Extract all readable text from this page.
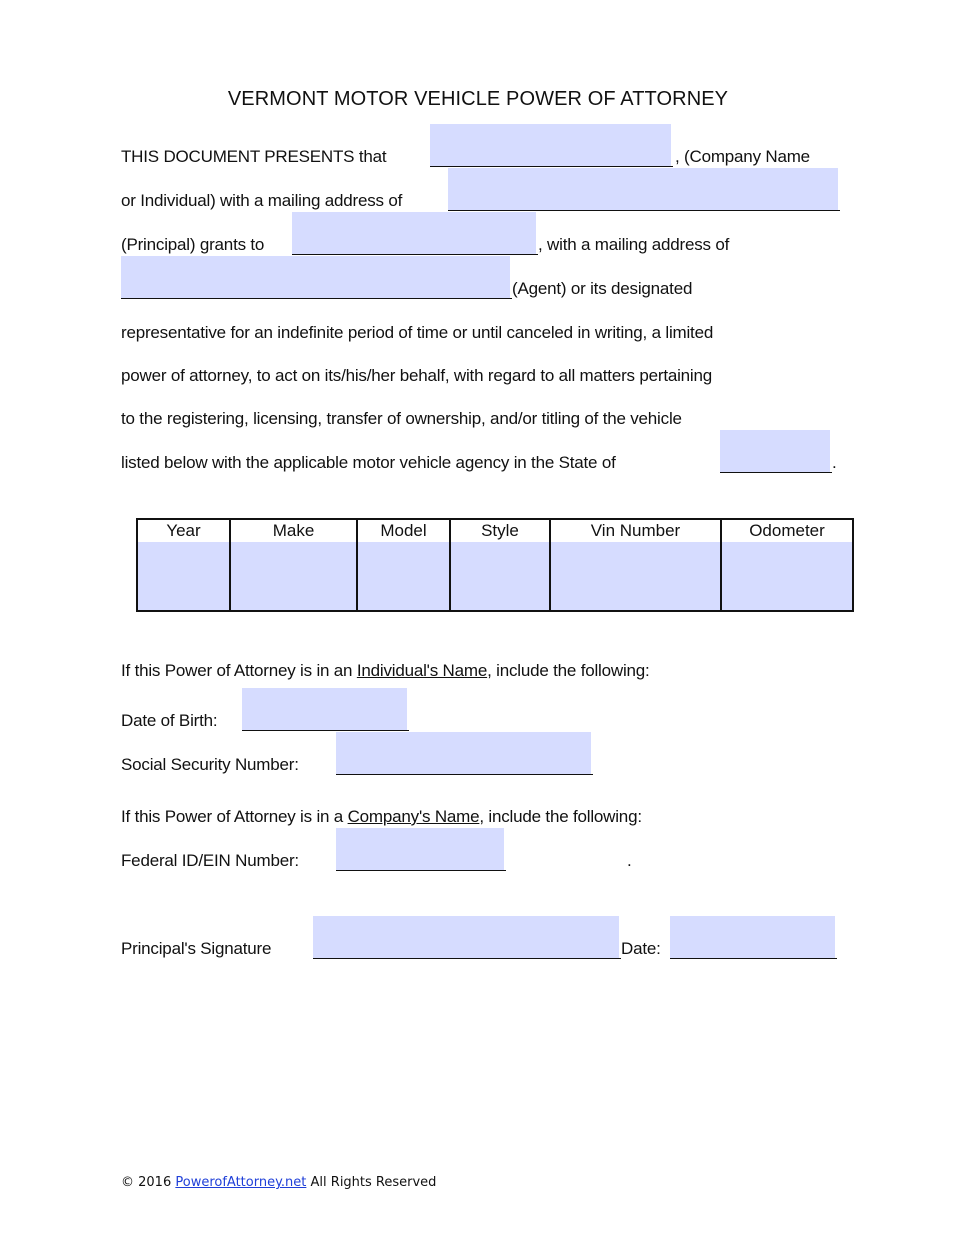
VERMONT MOTOR VEHICLE POWER OF ATTORNEY
THIS DOCUMENT PRESENTS that	, (Company Name
or Individual) with a mailing address of
(Principal) grants to	, with a mailing address of
(Agent) or its designated
representative for an indefinite period of time or until canceled in writing, a limited
power of attorney, to act on its/his/her behalf, with regard to all matters pertaining
to the registering, licensing, transfer of ownership, and/or titling of the vehicle
listed below with the applicable motor vehicle agency in the State of	.
Year	Make	Model	Style	Vin Number	Odometer

If this Power of Attorney is in an Individual's Name, include the following:
Date of Birth:
Social Security Number:
If this Power of Attorney is in a Company's Name, include the following:
Federal ID/EIN Number:	.
Principal's Signature	Date:
© 2016 PowerofAttorney.net All Rights Reserved
